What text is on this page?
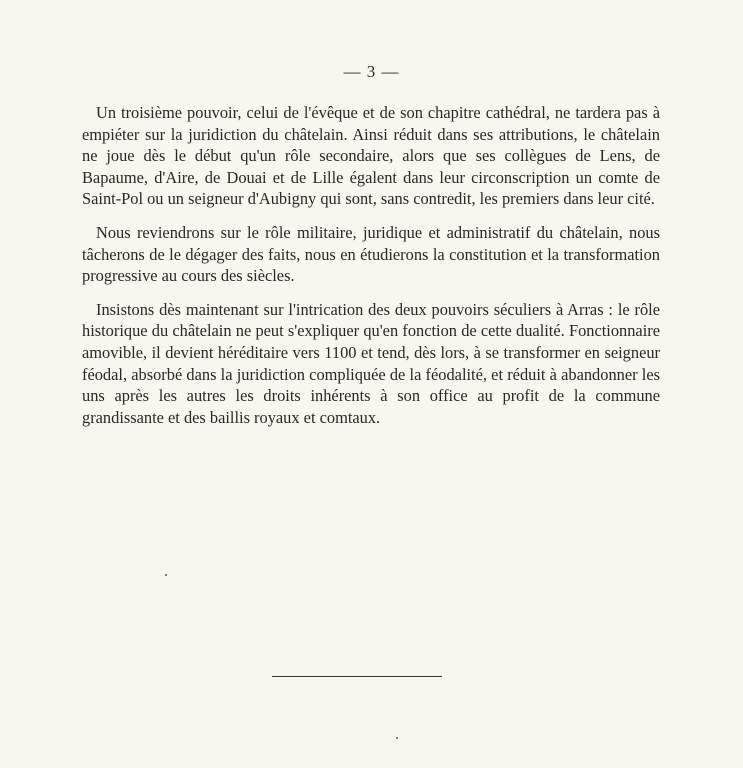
— 3 —

Un troisième pouvoir, celui de l'évêque et de son chapitre cathédral, ne tardera pas à empiéter sur la juridiction du châtelain. Ainsi réduit dans ses attributions, le châtelain ne joue dès le début qu'un rôle secondaire, alors que ses collègues de Lens, de Bapaume, d'Aire, de Douai et de Lille égalent dans leur circonscription un comte de Saint-Pol ou un seigneur d'Aubigny qui sont, sans contredit, les premiers dans leur cité.

Nous reviendrons sur le rôle militaire, juridique et administratif du châtelain, nous tâcherons de le dégager des faits, nous en étudierons la constitution et la transformation progressive au cours des siècles.

Insistons dès maintenant sur l'intrication des deux pouvoirs séculiers à Arras : le rôle historique du châtelain ne peut s'expliquer qu'en fonction de cette dualité. Fonctionnaire amovible, il devient héréditaire vers 1100 et tend, dès lors, à se transformer en seigneur féodal, absorbé dans la juridiction compliquée de la féodalité, et réduit à abandonner les uns après les autres les droits inhérents à son office au profit de la commune grandissante et des baillis royaux et comtaux.
